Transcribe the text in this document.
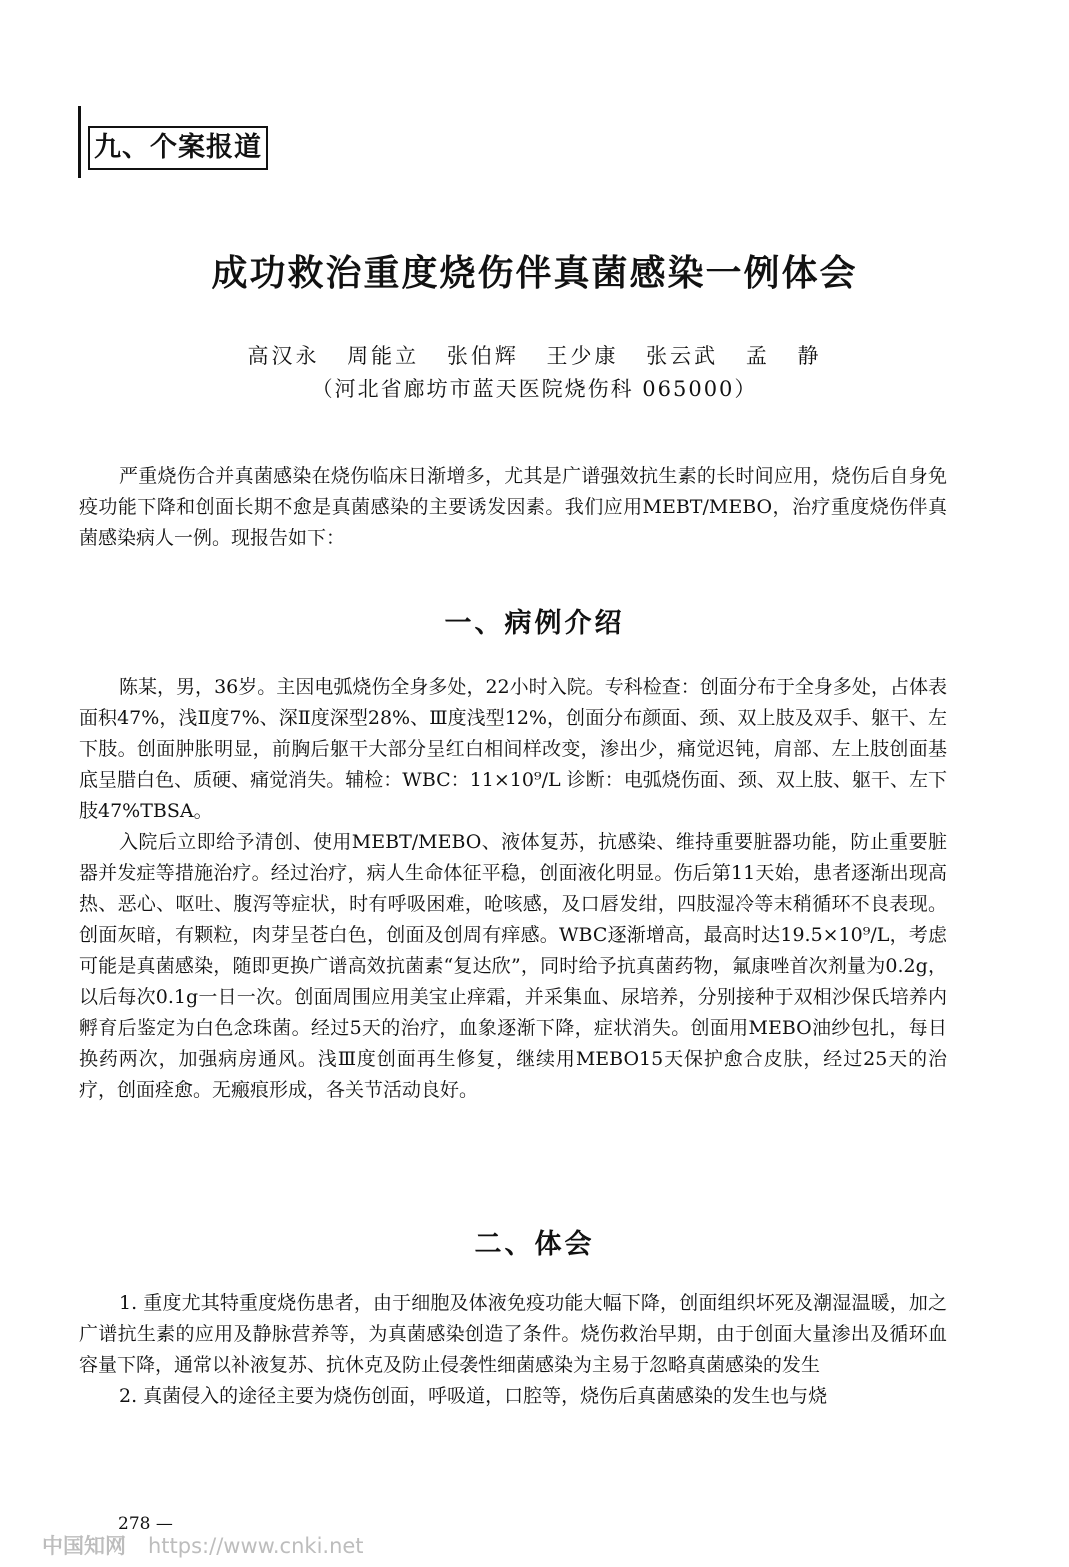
九、个案报道
成功救治重度烧伤伴真菌感染一例体会
高汉永 周能立 张伯辉 王少康 张云武 孟 静
（河北省廊坊市蓝天医院烧伤科 065000）

严重烧伤合并真菌感染在烧伤临床日渐增多，尤其是广谱强效抗生素的长时间应用，烧伤后自身免疫功能下降和创面长期不愈是真菌感染的主要诱发因素。我们应用MEBT/MEBO，治疗重度烧伤伴真菌感染病人一例。现报告如下：

一、病例介绍

陈某，男，36岁。主因电弧烧伤全身多处，22小时入院。专科检查：创面分布于全身多处，占体表面积47%，浅Ⅱ度7%、深Ⅱ度深型28%、Ⅲ度浅型12%，创面分布颜面、颈、双上肢及双手、躯干、左下肢。创面肿胀明显，前胸后躯干大部分呈红白相间样改变，渗出少，痛觉迟钝，肩部、左上肢创面基底呈腊白色、质硬、痛觉消失。辅检：WBC：11×10⁹/L 诊断：电弧烧伤面、颈、双上肢、躯干、左下肢47%TBSA。

入院后立即给予清创、使用MEBT/MEBO、液体复苏，抗感染、维持重要脏器功能，防止重要脏器并发症等措施治疗。经过治疗，病人生命体征平稳，创面液化明显。伤后第11天始，患者逐渐出现高热、恶心、呕吐、腹泻等症状，时有呼吸困难，呛咳感，及口唇发绀，四肢湿冷等末稍循环不良表现。创面灰暗，有颗粒，肉芽呈苍白色，创面及创周有痒感。WBC逐渐增高，最高时达19.5×10⁹/L，考虑可能是真菌感染，随即更换广谱高效抗菌素“复达欣”，同时给予抗真菌药物，氟康唑首次剂量为0.2g，以后每次0.1g一日一次。创面周围应用美宝止痒霜，并采集血、尿培养，分别接种于双相沙保氏培养内孵育后鉴定为白色念珠菌。经过5天的治疗，血象逐渐下降，症状消失。创面用MEBO油纱包扎，每日换药两次，加强病房通风。浅Ⅲ度创面再生修复，继续用MEBO15天保护愈合皮肤，经过25天的治疗，创面痊愈。无瘢痕形成，各关节活动良好。

二、体会

1. 重度尤其特重度烧伤患者，由于细胞及体液免疫功能大幅下降，创面组织坏死及潮湿温暖，加之广谱抗生素的应用及静脉营养等，为真菌感染创造了条件。烧伤救治早期，由于创面大量渗出及循环血容量下降，通常以补液复苏、抗休克及防止侵袭性细菌感染为主易于忽略真菌感染的发生

2. 真菌侵入的途径主要为烧伤创面，呼吸道，口腔等，烧伤后真菌感染的发生也与烧

278 —
中国知网 https://www.cnki.net
